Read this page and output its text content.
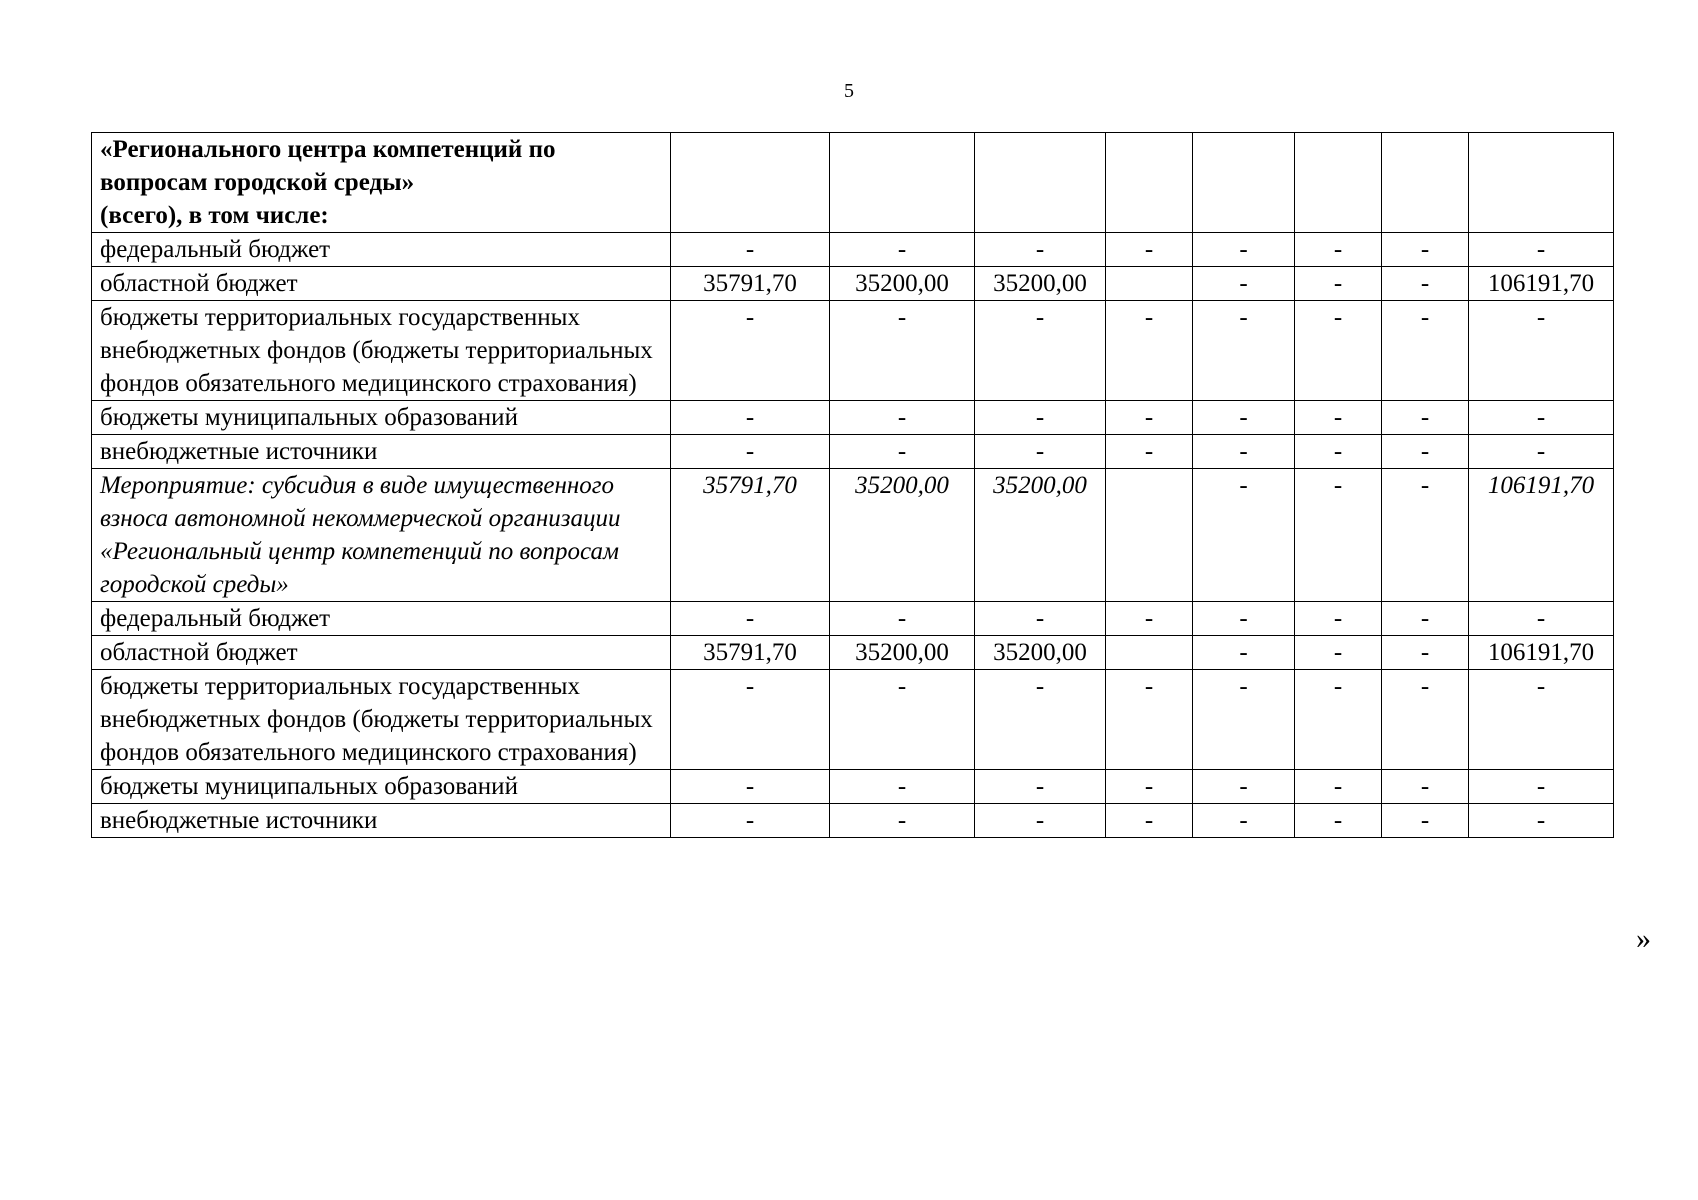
5
«Регионального центра компетенций по
вопросам городской среды»
(всего), в том числе:								

федеральный бюджет	-	-	-	-	-	-	-	-
областной бюджет	35791,70	35200,00	35200,00		-	-	-	106191,70
бюджеты территориальных государственных внебюджетных фондов (бюджеты территориальных фондов обязательного медицинского страхования)	-	-	-	-	-	-	-	-
бюджеты муниципальных образований	-	-	-	-	-	-	-	-
внебюджетные источники	-	-	-	-	-	-	-	-
Мероприятие: субсидия в виде имущественного взноса автономной некоммерческой организации «Региональный центр компетенций по вопросам городской среды»	35791,70	35200,00	35200,00		-	-	-	106191,70
федеральный бюджет	-	-	-	-	-	-	-	-
областной бюджет	35791,70	35200,00	35200,00		-	-	-	106191,70
бюджеты территориальных государственных внебюджетных фондов (бюджеты территориальных фондов обязательного медицинского страхования)	-	-	-	-	-	-	-	-
бюджеты муниципальных образований	-	-	-	-	-	-	-	-
внебюджетные источники	-	-	-	-	-	-	-	-
»
